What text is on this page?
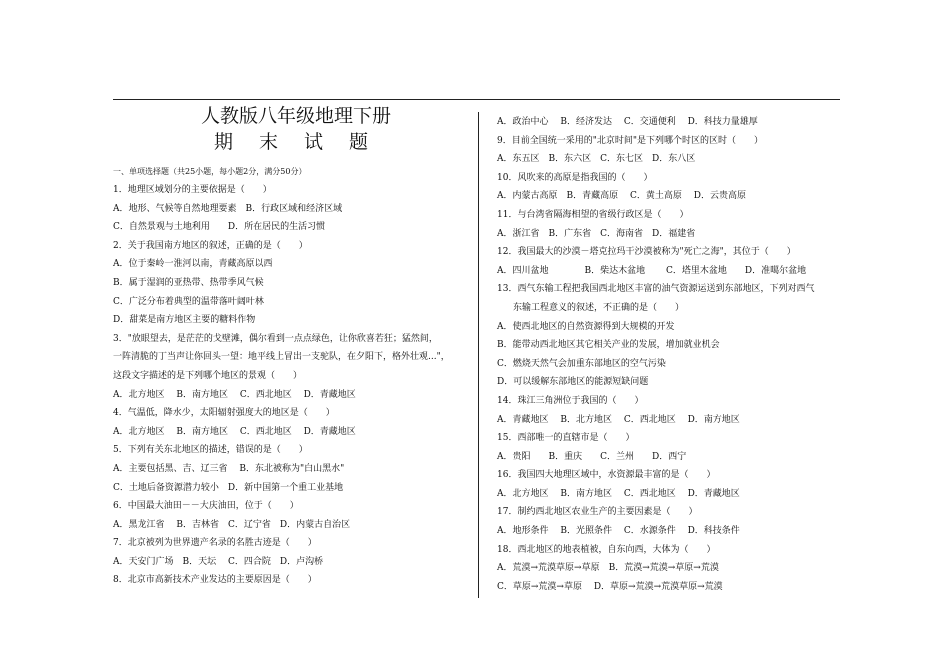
人教版八年级地理下册
期 末 试 题
一、单项选择题（共25小题，每小题2分，满分50分）
1．地理区域划分的主要依据是（　　）
A．地形、气候等自然地理要素　B．行政区域和经济区域
C．自然景观与土地利用　　D．所在居民的生活习惯
2．关于我国南方地区的叙述，正确的是（　　）
A．位于秦岭一淮河以南，青藏高原以西
B．属于湿润的亚热带、热带季风气候
C．广泛分布着典型的温带落叶阔叶林
D．甜菜是南方地区主要的糖料作物
3．"放眼望去，是茫茫的戈壁滩，偶尔看到一点点绿色，让你欣喜若狂；猛然间，
一阵清脆的丁当声让你回头一望：地平线上冒出一支驼队，在夕阳下，格外壮观..."，
这段文字描述的是下列哪个地区的景观（　　）
A．北方地区　 B．南方地区　 C．西北地区　 D．青藏地区
4．气温低，降水少，太阳辐射强度大的地区是（　　）
A．北方地区　 B．南方地区　 C．西北地区　 D．青藏地区
5．下列有关东北地区的描述，错误的是（　　）
A．主要包括黑、吉、辽三省　 B．东北被称为"白山黑水"
C．土地后备资源潜力较小　D．新中国第一个重工业基地
6．中国最大油田－－大庆油田，位于（　　）
A．黑龙江省　 B．吉林省　C．辽宁省　D．内蒙古自治区
7．北京被列为世界遗产名录的名胜古迹是（　　）
A．天安门广场　B．天坛　 C．四合院　D．卢沟桥
8．北京市高新技术产业发达的主要原因是（　　）
A．政治中心　 B．经济发达　 C．交通便利　 D．科技力量雄厚
9．目前全国统一采用的"北京时间"是下列哪个时区的区时（　　）
A．东五区　B．东六区　C．东七区　D．东八区
10．风吹来的高原是指我国的（　　）
A．内蒙古高原　B．青藏高原　 C．黄土高原　 D．云贵高原
11．与台湾省隔海相望的省级行政区是（　　）
A．浙江省　B．广东省　C．海南省　D．福建省
12．我国最大的沙漠－塔克拉玛干沙漠被称为"死亡之海"，其位于（　　）
A．四川盆地　　　　B．柴达木盆地　　 C．塔里木盆地　　D．准噶尔盆地
13．西气东输工程把我国西北地区丰富的油气资源运送到东部地区，下列对西气
东输工程意义的叙述，不正确的是（　　）
A．使西北地区的自然资源得到大规模的开发
B．能带动西北地区其它相关产业的发展，增加就业机会
C．燃烧天然气会加重东部地区的空气污染
D．可以缓解东部地区的能源短缺问题
14．珠江三角洲位于我国的（　　）
A．青藏地区　 B．北方地区　 C．西北地区　 D．南方地区
15．西部唯一的直辖市是（　　）
A．贵阳　　B．重庆　　C．兰州　　D．西宁
16．我国四大地理区域中，水资源最丰富的是（　　）
A．北方地区　 B．南方地区　 C．西北地区　 D．青藏地区
17．制约西北地区农业生产的主要因素是（　　）
A．地形条件　 B．光照条件　 C．水源条件　 D．科技条件
18．西北地区的地表植被，自东向西，大体为（　　）
A．荒漠→荒漠草原→草原　B．荒漠→荒漠→草原→荒漠
C．草原→荒漠→草原　 D．草原→荒漠→荒漠草原→荒漠
